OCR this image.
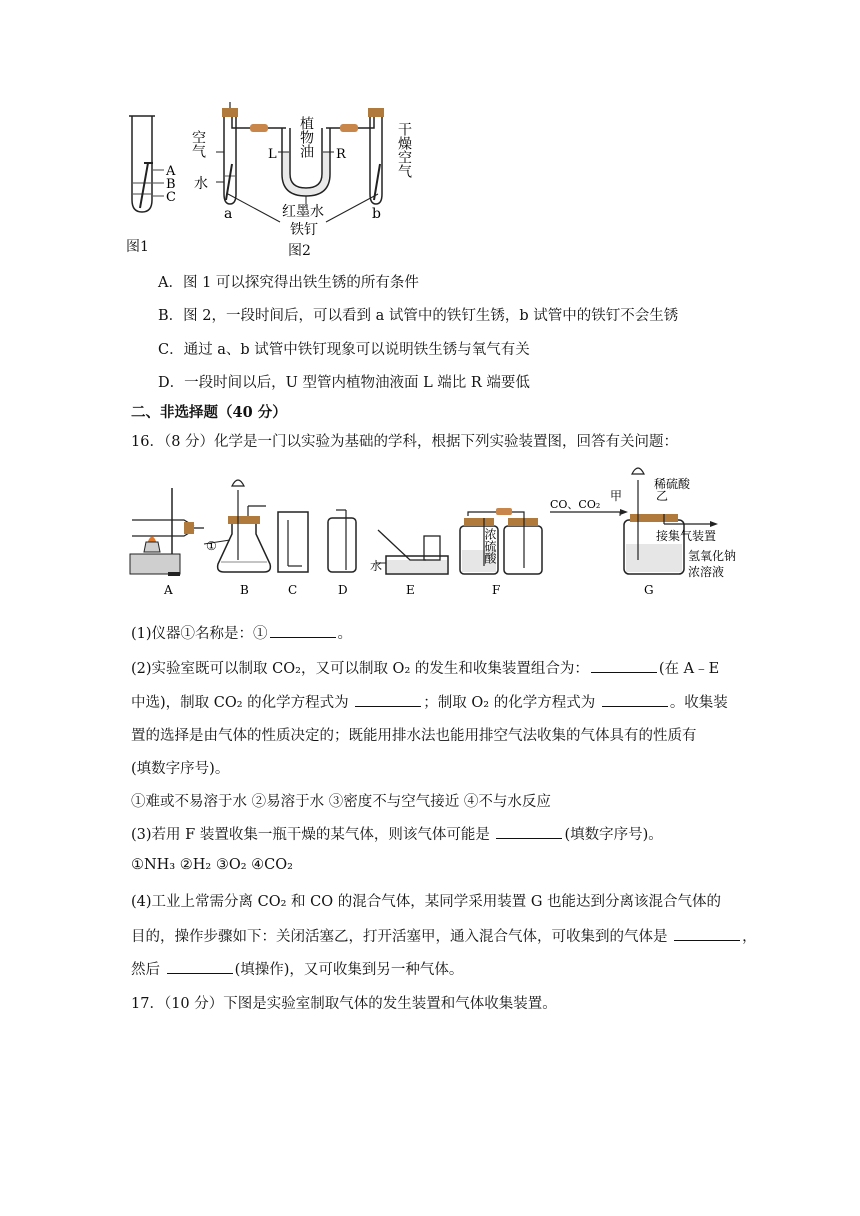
A
B
C
图1
空气
水
植物油
L	R	干燥空气
红墨水
铁钉
a	b
图2
A．图 1 可以探究得出铁生锈的所有条件
B．图 2，一段时间后，可以看到 a 试管中的铁钉生锈，b 试管中的铁钉不会生锈
C．通过 a、b 试管中铁钉现象可以说明铁生锈与氧气有关
D．一段时间以后，U 型管内植物油液面 L 端比 R 端要低
二、非选择题（40 分）
16．（8 分）化学是一门以实验为基础的学科，根据下列实验装置图，回答有关问题：
A	B	C	D	E	F	G
①
水
浓硫酸
稀硫酸
CO、CO₂
甲	乙
接集气装置
氢氧化钠
浓溶液
(1)仪器①名称是：①	。
(2)实验室既可以制取 CO₂，又可以制取 O₂ 的发生和收集装置组合为：	(在 A﹣E
中选)，制取 CO₂ 的化学方程式为	；制取 O₂ 的化学方程式为	。收集装
置的选择是由气体的性质决定的；既能用排水法也能用排空气法收集的气体具有的性质有
(填数字序号)。
①难或不易溶于水 ②易溶于水 ③密度不与空气接近 ④不与水反应
(3)若用 F 装置收集一瓶干燥的某气体，则该气体可能是	(填数字序号)。
①NH₃ ②H₂ ③O₂ ④CO₂
(4)工业上常需分离 CO₂ 和 CO 的混合气体，某同学采用装置 G 也能达到分离该混合气体的
目的，操作步骤如下：关闭活塞乙，打开活塞甲，通入混合气体，可收集到的气体是	，
然后	(填操作)，又可收集到另一种气体。
17．（10 分）下图是实验室制取气体的发生装置和气体收集装置。
